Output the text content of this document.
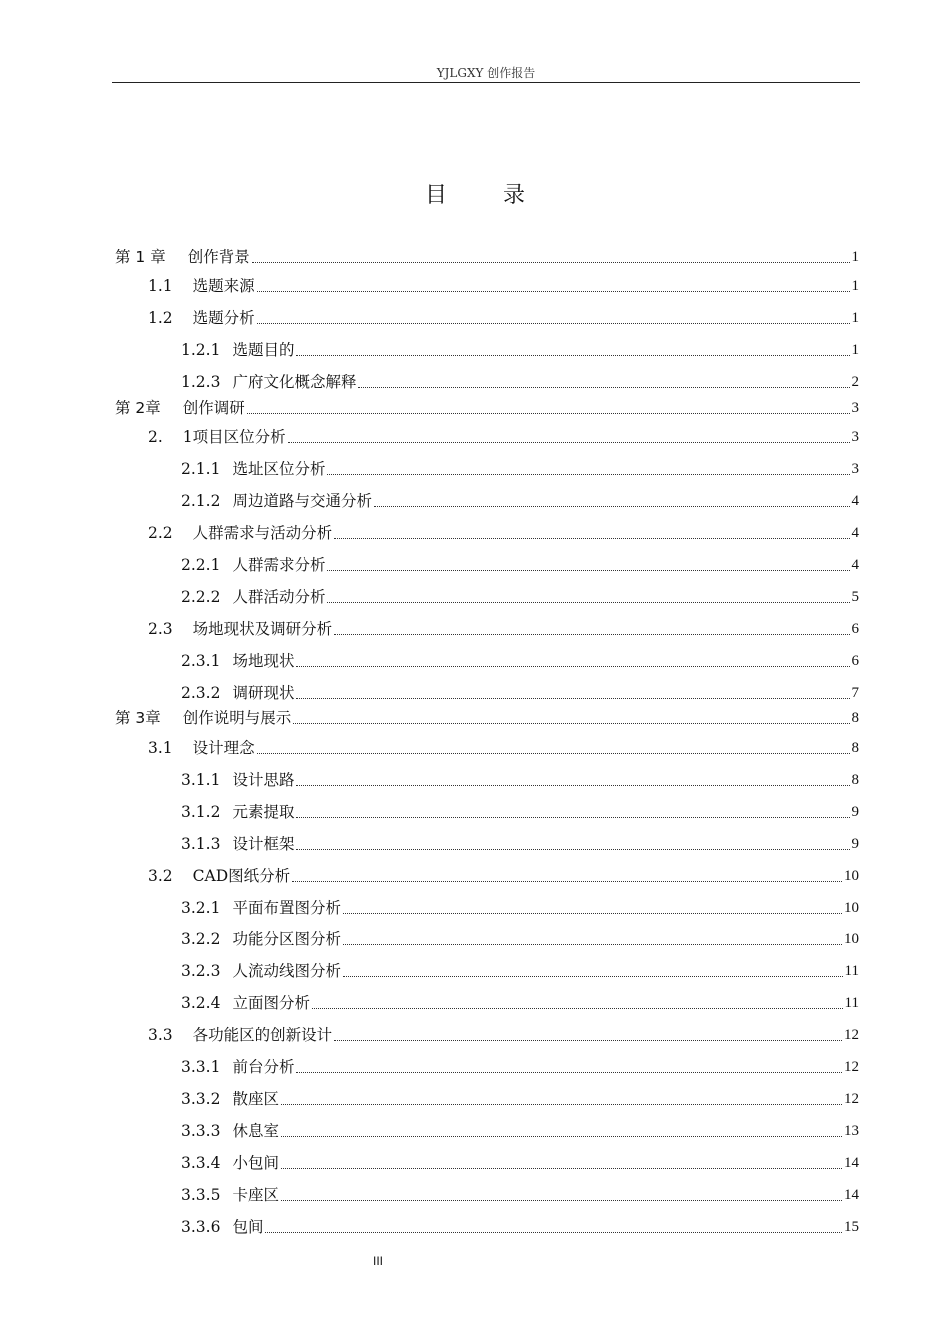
YJLGXY 创作报告
目	录
第 1 章 创作背景	1
1.1 选题来源	1
1.2 选题分析	1
1.2.1 选题目的	1
1.2.3 广府文化概念解释	2
第 2章 创作调研	3
2. 1项目区位分析	3
2.1.1 选址区位分析	3
2.1.2 周边道路与交通分析	4
2.2 人群需求与活动分析	4
2.2.1 人群需求分析	4
2.2.2 人群活动分析	5
2.3 场地现状及调研分析	6
2.3.1 场地现状	6
2.3.2 调研现状	7
第 3章 创作说明与展示	8
3.1 设计理念	8
3.1.1 设计思路	8
3.1.2 元素提取	9
3.1.3 设计框架	9
3.2 CAD图纸分析	10
3.2.1 平面布置图分析	10
3.2.2 功能分区图分析	10
3.2.3 人流动线图分析	11
3.2.4 立面图分析	11
3.3 各功能区的创新设计	12
3.3.1 前台分析	12
3.3.2 散座区	12
3.3.3 休息室	13
3.3.4 小包间	14
3.3.5 卡座区	14
3.3.6 包间	15
III
